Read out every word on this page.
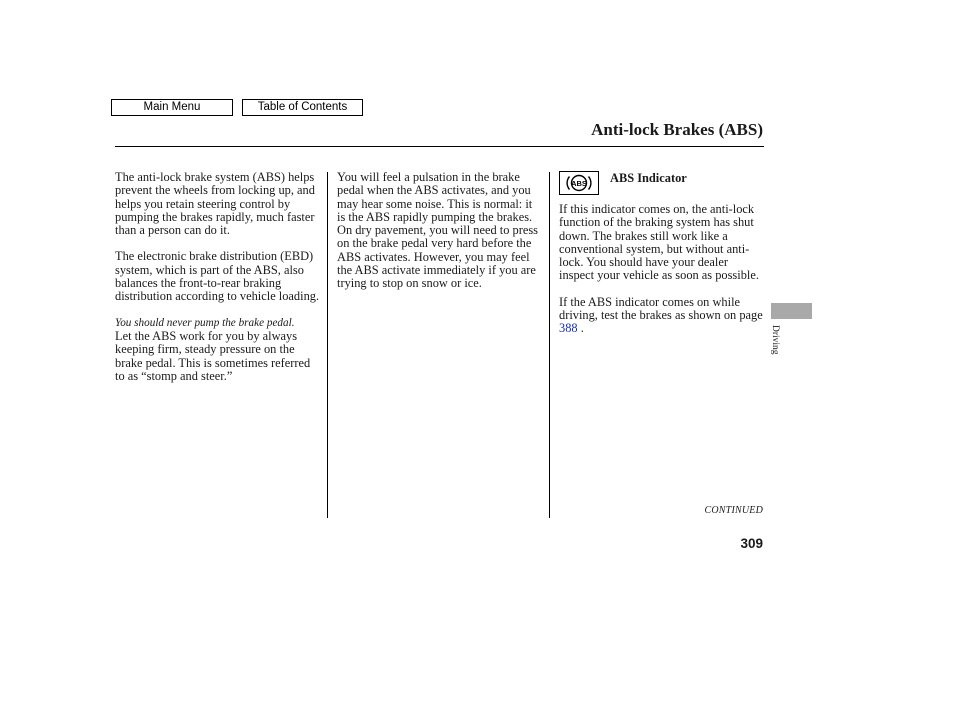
Main Menu	Table of Contents
Anti-lock Brakes (ABS)

The anti-lock brake system (ABS) helps prevent the wheels from locking up, and helps you retain steering control by pumping the brakes rapidly, much faster than a person can do it.

The electronic brake distribution (EBD) system, which is part of the ABS, also balances the front-to-rear braking distribution according to vehicle loading.

You should never pump the brake pedal.
Let the ABS work for you by always keeping firm, steady pressure on the brake pedal. This is sometimes referred to as “stomp and steer.”

You will feel a pulsation in the brake pedal when the ABS activates, and you may hear some noise. This is normal: it is the ABS rapidly pumping the brakes. On dry pavement, you will need to press on the brake pedal very hard before the ABS activates. However, you may feel the ABS activate immediately if you are trying to stop on snow or ice.

ABS ABS Indicator

If this indicator comes on, the anti-lock function of the braking system has shut down. The brakes still work like a conventional system, but without anti-lock. You should have your dealer inspect your vehicle as soon as possible.

If the ABS indicator comes on while driving, test the brakes as shown on page 388 .

CONTINUED
309
Driving
